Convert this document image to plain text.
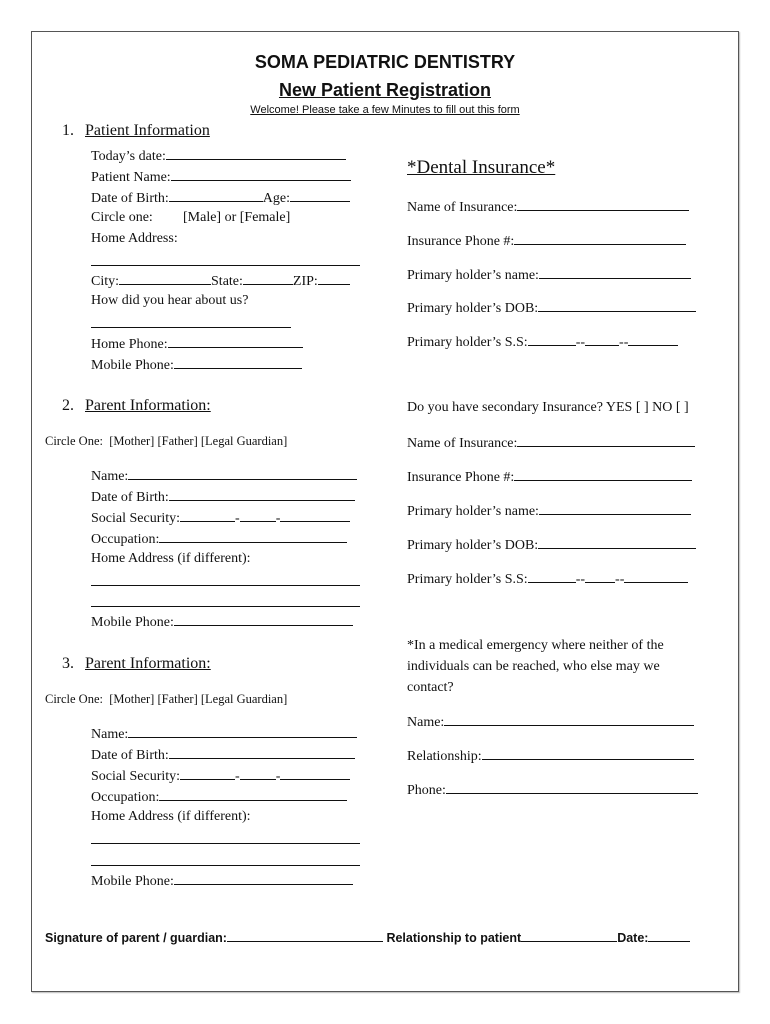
SOMA PEDIATRIC DENTISTRY
New Patient Registration
Welcome! Please take a few Minutes to fill out this form
1. Patient Information
Today’s date:
Patient Name:
Date of Birth:	Age:
Circle one: [Male] or [Female]
Home Address:
City:	State:	ZIP:
How did you hear about us?
Home Phone:
Mobile Phone:
2. Parent Information:
Circle One: [Mother] [Father] [Legal Guardian]
Name:
Date of Birth:
Social Security:	-	-
Occupation:
Home Address (if different):
Mobile Phone:
3. Parent Information:
Circle One: [Mother] [Father] [Legal Guardian]
Name:
Date of Birth:
Social Security:	-	-
Occupation:
Home Address (if different):
Mobile Phone:
*Dental Insurance*
Name of Insurance:
Insurance Phone #:
Primary holder’s name:
Primary holder’s DOB:
Primary holder’s S.S:	-- --
Do you have secondary Insurance? YES [ ] NO [ ]
Name of Insurance:
Insurance Phone #:
Primary holder’s name:
Primary holder’s DOB:
Primary holder’s S.S:	-- --
*In a medical emergency where neither of the
individuals can be reached, who else may we
contact?
Name:
Relationship:
Phone:
Signature of parent / guardian:	Relationship to patient	Date:
